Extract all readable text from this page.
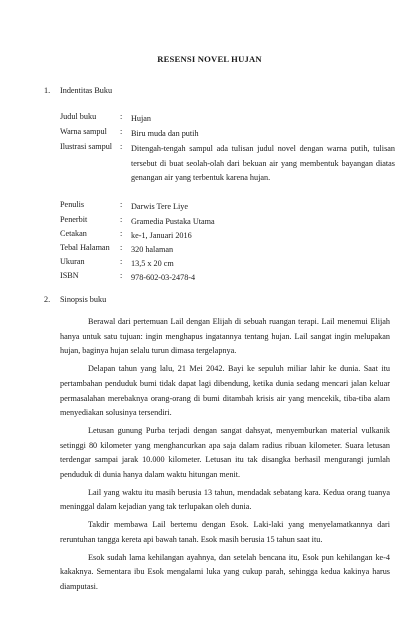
RESENSI NOVEL HUJAN
1. Indentitas Buku
Judul buku	: Hujan
Warna sampul	: Biru muda dan putih
Ilustrasi sampul : Ditengah-tengah sampul ada tulisan judul novel dengan warna putih, tulisan tersebut di buat seolah-olah dari bekuan air yang membentuk bayangan diatas genangan air yang terbentuk karena hujan.
Penulis	: Darwis Tere Liye
Penerbit	: Gramedia Pustaka Utama
Cetakan	: ke-1, Januari 2016
Tebal Halaman	: 320 halaman
Ukuran	: 13,5 x 20 cm
ISBN	: 978-602-03-2478-4
2. Sinopsis buku

Berawal dari pertemuan Lail dengan Elijah di sebuah ruangan terapi. Lail menemui Elijah hanya untuk satu tujuan: ingin menghapus ingatannya tentang hujan. Lail sangat ingin melupakan hujan, baginya hujan selalu turun dimasa tergelapnya.

Delapan tahun yang lalu, 21 Mei 2042. Bayi ke sepuluh miliar lahir ke dunia. Saat itu pertambahan penduduk bumi tidak dapat lagi dibendung, ketika dunia sedang mencari jalan keluar permasalahan merebaknya orang-orang di bumi ditambah krisis air yang mencekik, tiba-tiba alam menyediakan solusinya tersendiri.

Letusan gunung Purba terjadi dengan sangat dahsyat, menyemburkan material vulkanik setinggi 80 kilometer yang menghancurkan apa saja dalam radius ribuan kilometer. Suara letusan terdengar sampai jarak 10.000 kilometer. Letusan itu tak disangka berhasil mengurangi jumlah penduduk di dunia hanya dalam waktu hitungan menit.

Lail yang waktu itu masih berusia 13 tahun, mendadak sebatang kara. Kedua orang tuanya meninggal dalam kejadian yang tak terlupakan oleh dunia.

Takdir membawa Lail bertemu dengan Esok. Laki-laki yang menyelamatkannya dari reruntuhan tangga kereta api bawah tanah. Esok masih berusia 15 tahun saat itu.

Esok sudah lama kehilangan ayahnya, dan setelah bencana itu, Esok pun kehilangan ke-4 kakaknya. Sementara ibu Esok mengalami luka yang cukup parah, sehingga kedua kakinya harus diamputasi.
